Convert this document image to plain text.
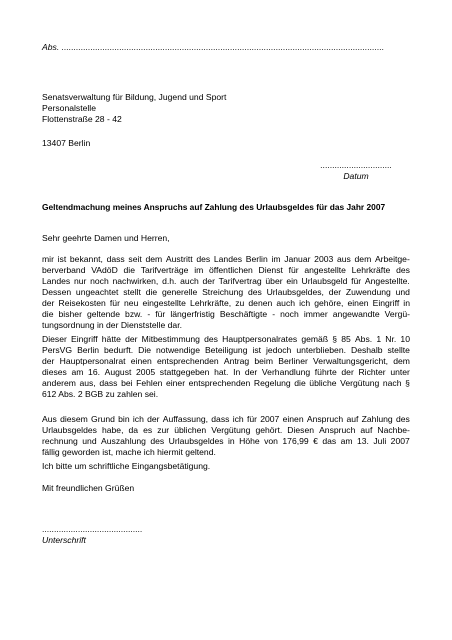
Abs. ......................................................................................................................................
Senatsverwaltung für Bildung, Jugend und Sport
Personalstelle
Flottenstraße 28 - 42
13407 Berlin
..............................
Datum
Geltendmachung meines Anspruchs auf Zahlung des Urlaubsgeldes für das Jahr 2007
Sehr geehrte Damen und Herren,
mir ist bekannt, dass seit dem Austritt des Landes Berlin im Januar 2003 aus dem Arbeitge-
berverband VAdöD die Tarifverträge im öffentlichen Dienst für angestellte Lehrkräfte des
Landes nur noch nachwirken, d.h. auch der Tarifvertrag über ein Urlaubsgeld für Angestellte.
Dessen ungeachtet stellt die generelle Streichung des Urlaubsgeldes, der Zuwendung und
der Reisekosten für neu eingestellte Lehrkräfte, zu denen auch ich gehöre, einen Eingriff in
die bisher geltende bzw. - für längerfristig Beschäftigte - noch immer angewandte Vergü-
tungsordnung in der Dienststelle dar.
Dieser Eingriff hätte der Mitbestimmung des Hauptpersonalrates gemäß § 85 Abs. 1 Nr. 10
PersVG Berlin bedurft. Die notwendige Beteiligung ist jedoch unterblieben. Deshalb stellte
der Hauptpersonalrat einen entsprechenden Antrag beim Berliner Verwaltungsgericht, dem
dieses am 16. August 2005 stattgegeben hat. In der Verhandlung führte der Richter unter
anderem aus, dass bei Fehlen einer entsprechenden Regelung die übliche Vergütung nach §
612 Abs. 2 BGB zu zahlen sei.
Aus diesem Grund bin ich der Auffassung, dass ich für 2007 einen Anspruch auf Zahlung des
Urlaubsgeldes habe, da es zur üblichen Vergütung gehört. Diesen Anspruch auf Nachbe-
rechnung und Auszahlung des Urlaubsgeldes in Höhe von 176,99 € das am 13. Juli 2007
fällig geworden ist, mache ich hiermit geltend.
Ich bitte um schriftliche Eingangsbetätigung.
Mit freundlichen Grüßen
..........................................
Unterschrift
